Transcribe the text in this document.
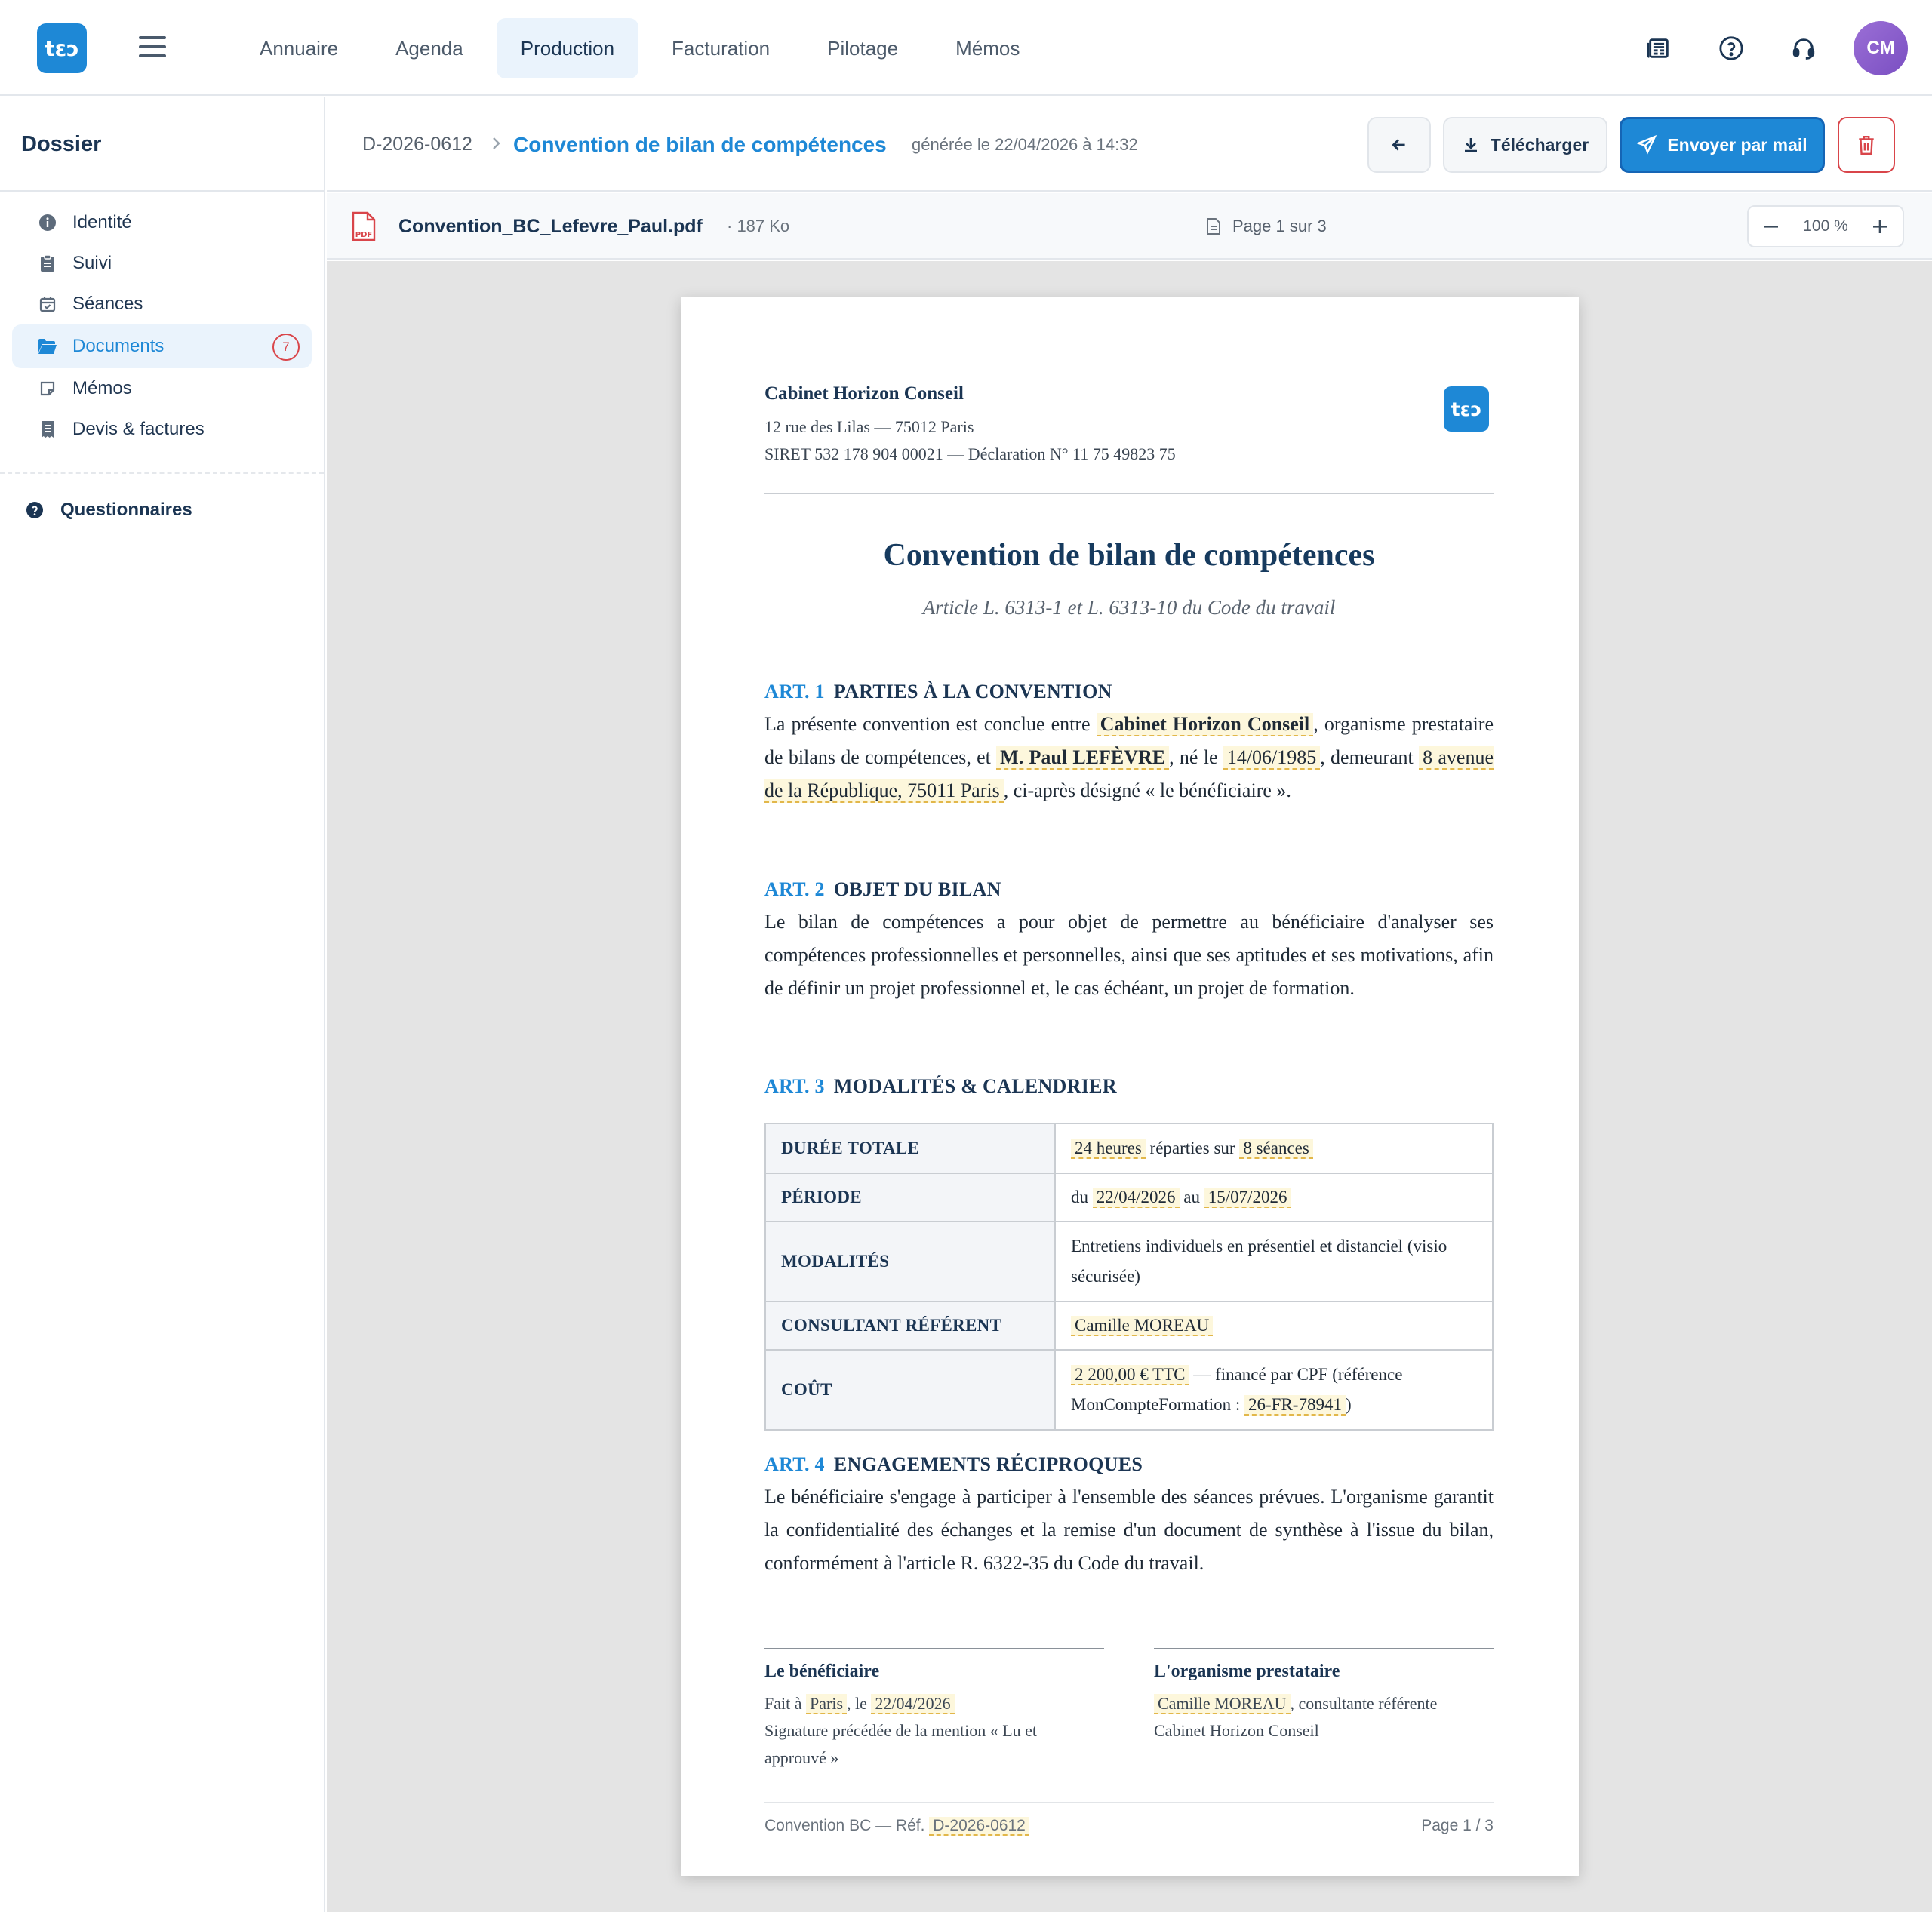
tεɔ	Annuaire	Agenda	Production	Facturation	Pilotage	Mémos	CM
Dossier
Identité
Suivi
Séances
Documents	7
Mémos
Devis & factures
Questionnaires
D-2026-0612 Convention de bilan de compétences générée le 22/04/2026 à 14:32	Télécharger	Envoyer par mail
PDF Convention_BC_Lefevre_Paul.pdf · 187 Ko	Page 1 sur 3	100 %
Cabinet Horizon Conseil
12 rue des Lilas — 75012 Paris
SIRET 532 178 904 00021 — Déclaration N° 11 75 49823 75
tεɔ
Convention de bilan de compétences
Article L. 6313-1 et L. 6313-10 du Code du travail
ART. 1 PARTIES À LA CONVENTION
La présente convention est conclue entre Cabinet Horizon Conseil , organisme prestataire de bilans de compétences, et M. Paul LEFÈVRE , né le 14/06/1985 , demeurant 8 avenue de la République, 75011 Paris , ci-après désigné « le bénéficiaire ».
ART. 2 OBJET DU BILAN
Le bilan de compétences a pour objet de permettre au bénéficiaire d'analyser ses compétences professionnelles et personnelles, ainsi que ses aptitudes et ses motivations, afin de définir un projet professionnel et, le cas échéant, un projet de formation.
ART. 3 MODALITÉS & CALENDRIER
DURÉE TOTALE	24 heures réparties sur 8 séances
PÉRIODE	du 22/04/2026 au 15/07/2026
MODALITÉS	Entretiens individuels en présentiel et distanciel (visio sécurisée)
CONSULTANT RÉFÉRENT	Camille MOREAU
COÛT	2 200,00 € TTC — financé par CPF (référence MonCompteFormation : 26-FR-78941 )
ART. 4 ENGAGEMENTS RÉCIPROQUES
Le bénéficiaire s'engage à participer à l'ensemble des séances prévues. L'organisme garantit la confidentialité des échanges et la remise d'un document de synthèse à l'issue du bilan, conformément à l'article R. 6322-35 du Code du travail.
Le bénéficiaire	L'organisme prestataire
Fait à Paris , le 22/04/2026
Signature précédée de la mention « Lu et approuvé »
Camille MOREAU , consultante référente
Cabinet Horizon Conseil
Convention BC — Réf. D-2026-0612	Page 1 / 3
